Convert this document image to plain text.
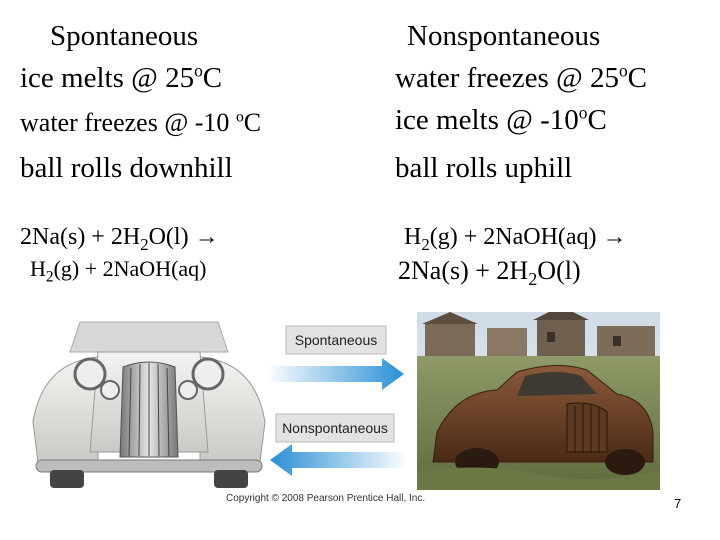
Spontaneous
ice melts @ 25$^o$C
water freezes @ -10 $^o$C
ball rolls downhill
$2Na(s) + 2H_2O(l)$ →
$H_2(g)$ + 2NaOH(aq)
Nonspontaneous
water freezes @ 25$^o$C
ice melts @ -10$^o$C
ball rolls uphill
$H_2(g)$ + 2NaOH(aq) →
$2Na(s) + 2H_2O(l)$
Spontaneous
Nonspontaneous
Copyright © 2008 Pearson Prentice Hall, Inc.	7
